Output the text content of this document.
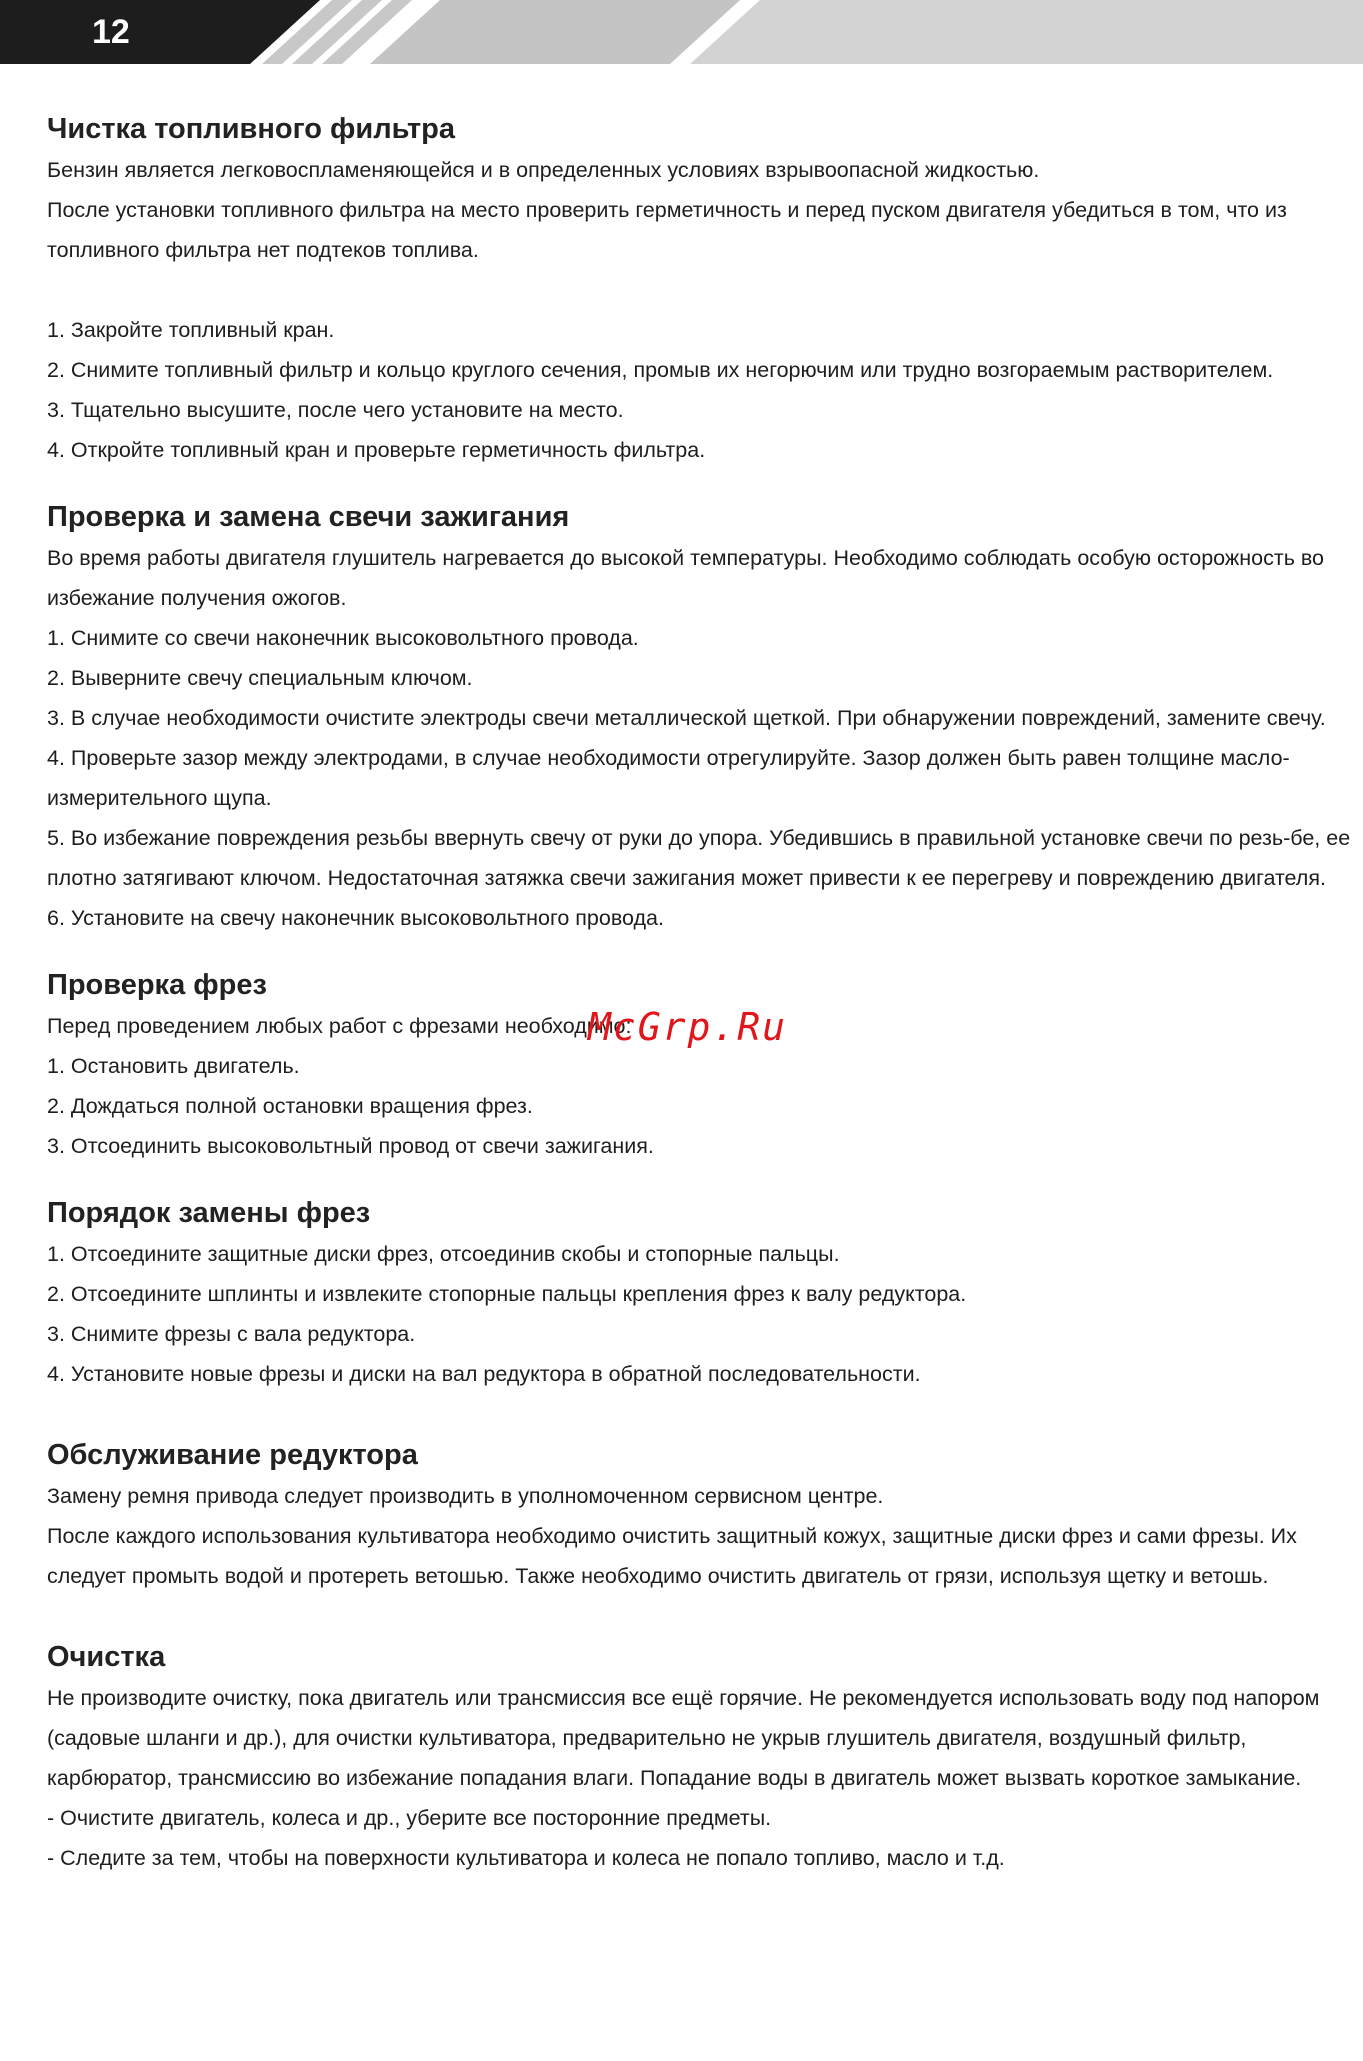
12
Чистка топливного фильтра

Бензин является легковоспламеняющейся и в определенных условиях взрывоопасной жидкостью.

После установки топливного фильтра на место проверить герметичность и перед пуском двигателя убедиться в том, что из топливного фильтра нет подтеков топлива.

1. Закройте топливный кран.

2. Снимите топливный фильтр и кольцо круглого сечения, промыв их негорючим или трудно возгораемым растворителем.

3. Тщательно высушите, после чего установите на место.

4. Откройте топливный кран и проверьте герметичность фильтра.

Проверка и замена свечи зажигания

Во время работы двигателя глушитель нагревается до высокой температуры. Необходимо соблюдать особую осторожность во избежание получения ожогов.

1. Снимите со свечи наконечник высоковольтного провода.

2. Выверните свечу специальным ключом.

3. В случае необходимости очистите электроды свечи металлической щеткой. При обнаружении повреждений, замените свечу.

4. Проверьте зазор между электродами, в случае необходимости отрегулируйте. Зазор должен быть равен толщине масло-измерительного щупа.

5. Во избежание повреждения резьбы ввернуть свечу от руки до упора. Убедившись в правильной установке свечи по резь-бе, ее плотно затягивают ключом. Недостаточная затяжка свечи зажигания может привести к ее перегреву и повреждению двигателя.

6. Установите на свечу наконечник высоковольтного провода.

Проверка фрез

Перед проведением любых работ с фрезами необходимо:

1. Остановить двигатель.

2. Дождаться полной остановки вращения фрез.

3. Отсоединить высоковольтный провод от свечи зажигания.

Порядок замены фрез

1. Отсоедините защитные диски фрез, отсоединив скобы и стопорные пальцы.

2. Отсоедините шплинты и извлеките стопорные пальцы крепления фрез к валу редуктора.

3. Снимите фрезы с вала редуктора.

4. Установите новые фрезы и диски на вал редуктора в обратной последовательности.

Обслуживание редуктора

Замену ремня привода следует производить в уполномоченном сервисном центре.

После каждого использования культиватора необходимо очистить защитный кожух, защитные диски фрез и сами фрезы. Их следует промыть водой и протереть ветошью. Также необходимо очистить двигатель от грязи, используя щетку и ветошь.

Очистка

Не производите очистку, пока двигатель или трансмиссия все ещё горячие. Не рекомендуется использовать воду под напором (садовые шланги и др.), для очистки культиватора, предварительно не укрыв глушитель двигателя, воздушный фильтр, карбюратор, трансмиссию во избежание попадания влаги. Попадание воды в двигатель может вызвать короткое замыкание.

- Очистите двигатель, колеса и др., уберите все посторонние предметы.

- Следите за тем, чтобы на поверхности культиватора и колеса не попало топливо, масло и т.д.

McGrp.Ru
